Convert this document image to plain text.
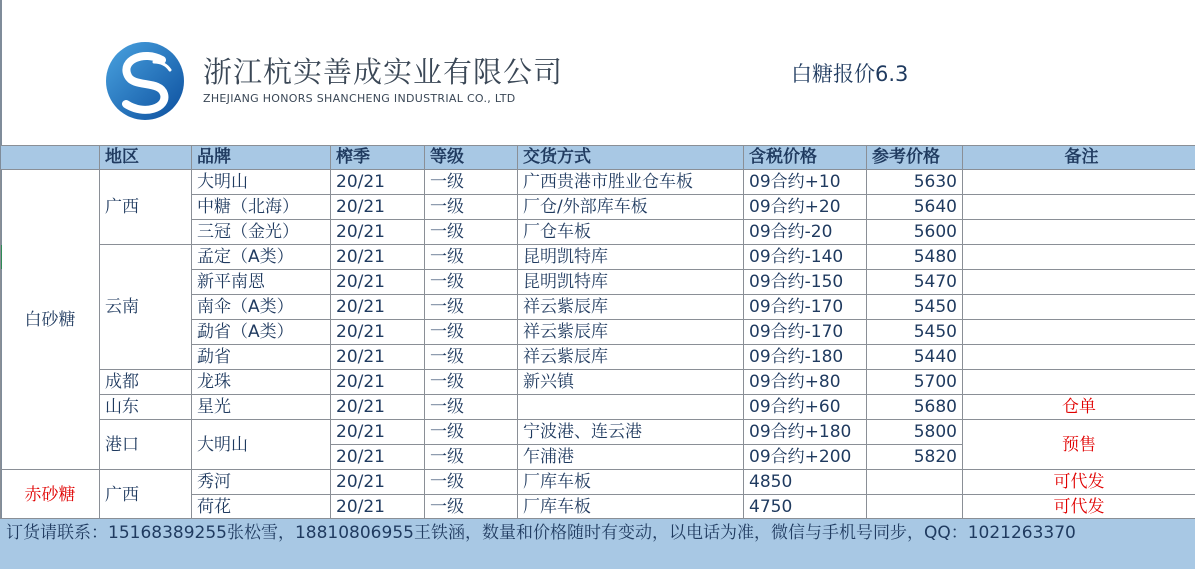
浙江杭实善成实业有限公司
ZHEJIANG HONORS SHANCHENG INDUSTRIAL CO., LTD
白糖报价6.3
	地区	品牌	榨季	等级	交货方式	含税价格	参考价格	备注
白砂糖	广西	大明山	20/21	一级	广西贵港市胜业仓车板	09合约+10	5630	
		中糖（北海）	20/21	一级	厂仓/外部库车板	09合约+20	5640	
		三冠（金光）	20/21	一级	厂仓车板	09合约-20	5600	
	云南	孟定（A类）	20/21	一级	昆明凯特库	09合约-140	5480	
		新平南恩	20/21	一级	昆明凯特库	09合约-150	5470	
		南伞（A类）	20/21	一级	祥云紫辰库	09合约-170	5450	
		勐省（A类）	20/21	一级	祥云紫辰库	09合约-170	5450	
		勐省	20/21	一级	祥云紫辰库	09合约-180	5440	
	成都	龙珠	20/21	一级	新兴镇	09合约+80	5700	
	山东	星光	20/21	一级		09合约+60	5680	仓单
	港口	大明山	20/21	一级	宁波港、连云港	09合约+180	5800	预售
			20/21	一级	乍浦港	09合约+200	5820	
赤砂糖	广西	秀河	20/21	一级	厂库车板	4850		可代发
		荷花	20/21	一级	厂库车板	4750		可代发
订货请联系：15168389255张松雪，18810806955王铁涵，数量和价格随时有变动，以电话为准，微信与手机号同步，QQ：1021263370
